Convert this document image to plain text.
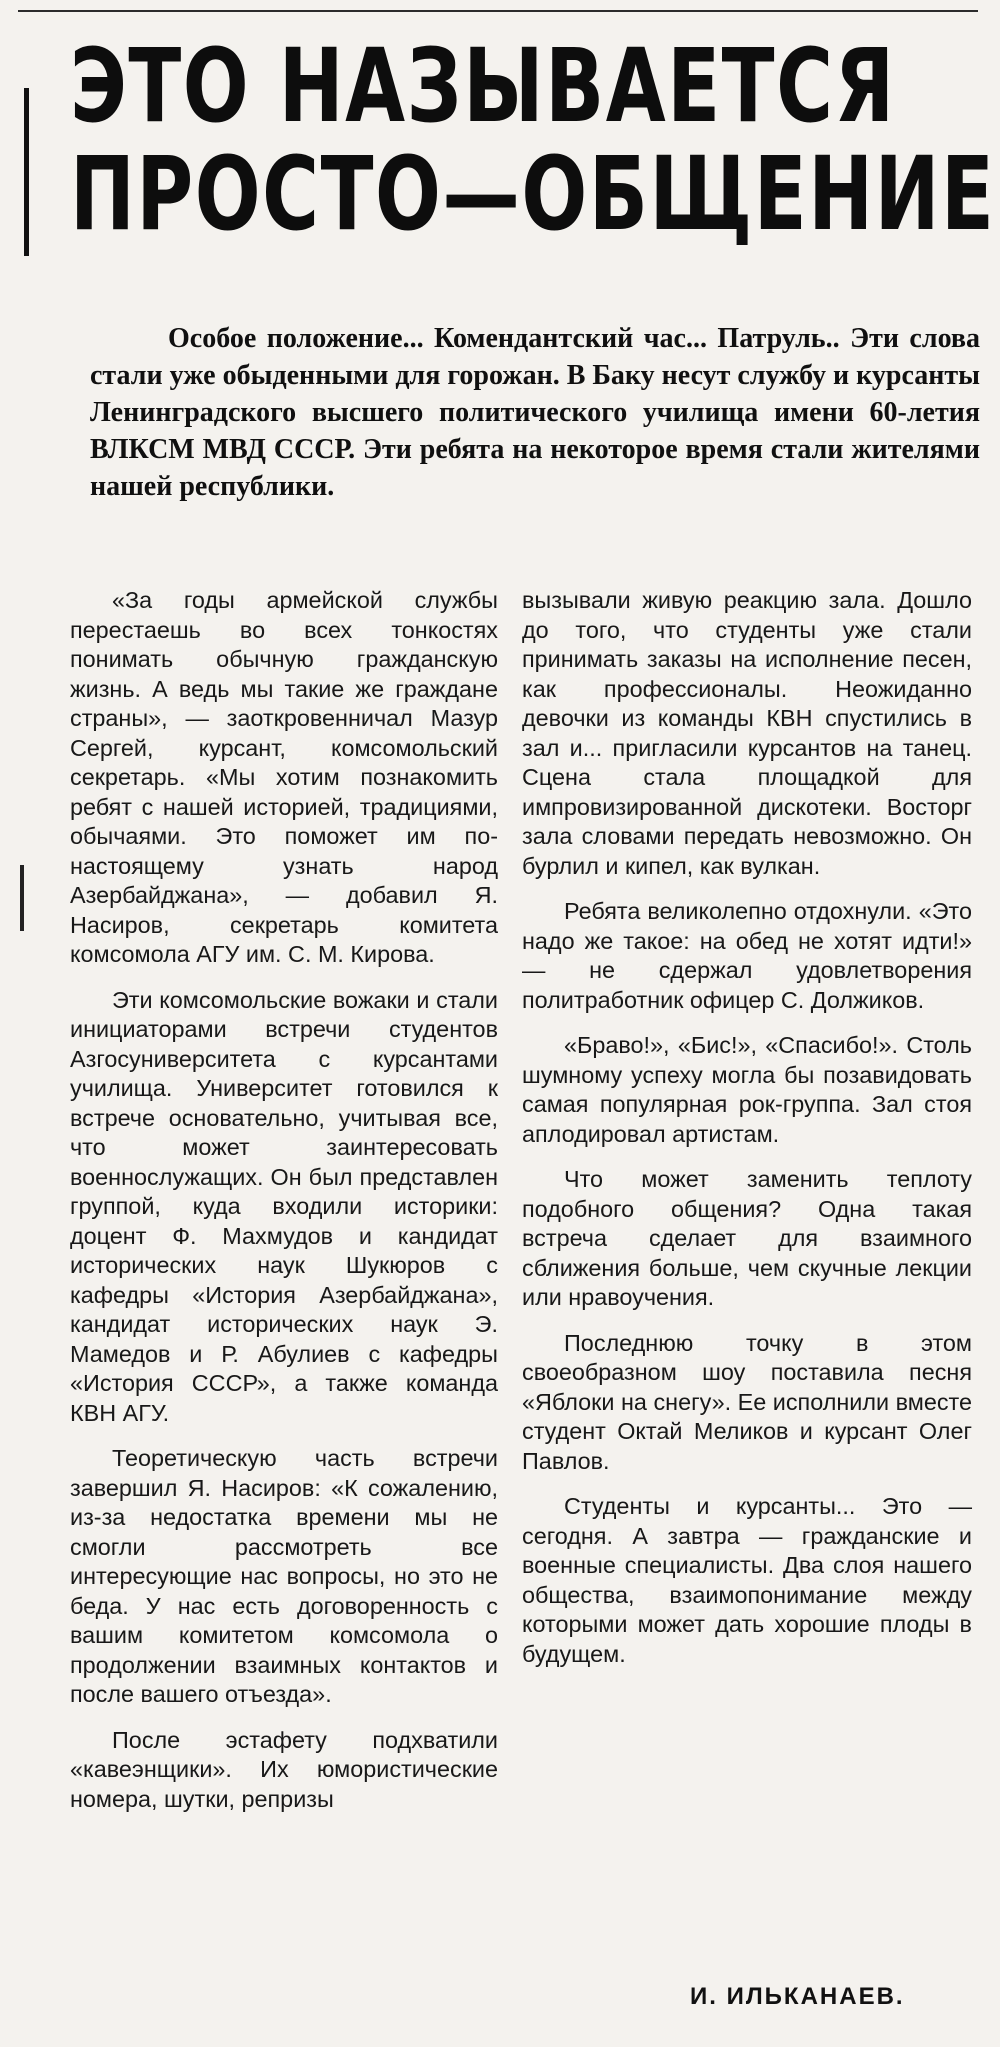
ЭТО НАЗЫВАЕТСЯ
ПРОСТО—ОБЩЕНИЕ

Особое положение... Комендантский час... Патруль.. Эти слова стали уже обыденными для горожан. В Баку несут службу и курсанты Ленинградского высшего политического училища имени 60-летия ВЛКСМ МВД СССР. Эти ребята на некоторое время стали жителями нашей республики.

«За годы армейской службы перестаешь во всех тонкостях понимать обычную гражданскую жизнь. А ведь мы такие же граждане страны», — заоткровенничал Мазур Сергей, курсант, комсомольский секретарь. «Мы хотим познакомить ребят с нашей историей, традициями, обычаями. Это поможет им по-настоящему узнать народ Азербайджана», — добавил Я. Насиров, секретарь комитета комсомола АГУ им. С. М. Кирова.

Эти комсомольские вожаки и стали инициаторами встречи студентов Азгосуниверситета с курсантами училища. Университет готовился к встрече основательно, учитывая все, что может заинтересовать военнослужащих. Он был представлен группой, куда входили историки: доцент Ф. Махмудов и кандидат исторических наук Шукюров с кафедры «История Азербайджана», кандидат исторических наук Э. Мамедов и Р. Абулиев с кафедры «История СССР», а также команда КВН АГУ.

Теоретическую часть встречи завершил Я. Насиров: «К сожалению, из-за недостатка времени мы не смогли рассмотреть все интересующие нас вопросы, но это не беда. У нас есть договоренность с вашим комитетом комсомола о продолжении взаимных контактов и после вашего отъезда».

После эстафету подхватили «кавеэнщики». Их юмористические номера, шутки, репризы

вызывали живую реакцию зала. Дошло до того, что студенты уже стали принимать заказы на исполнение песен, как профессионалы. Неожиданно девочки из команды КВН спустились в зал и... пригласили курсантов на танец. Сцена стала площадкой для импровизированной дискотеки. Восторг зала словами передать невозможно. Он бурлил и кипел, как вулкан.

Ребята великолепно отдохнули. «Это надо же такое: на обед не хотят идти!» — не сдержал удовлетворения политработник офицер С. Должиков.

«Браво!», «Бис!», «Спасибо!». Столь шумному успеху могла бы позавидовать самая популярная рок-группа. Зал стоя аплодировал артистам.

Что может заменить теплоту подобного общения? Одна такая встреча сделает для взаимного сближения больше, чем скучные лекции или нравоучения.

Последнюю точку в этом своеобразном шоу поставила песня «Яблоки на снегу». Ее исполнили вместе студент Октай Меликов и курсант Олег Павлов.

Студенты и курсанты... Это — сегодня. А завтра — гражданские и военные специалисты. Два слоя нашего общества, взаимопонимание между которыми может дать хорошие плоды в будущем.

И. ИЛЬКАНАЕВ.
